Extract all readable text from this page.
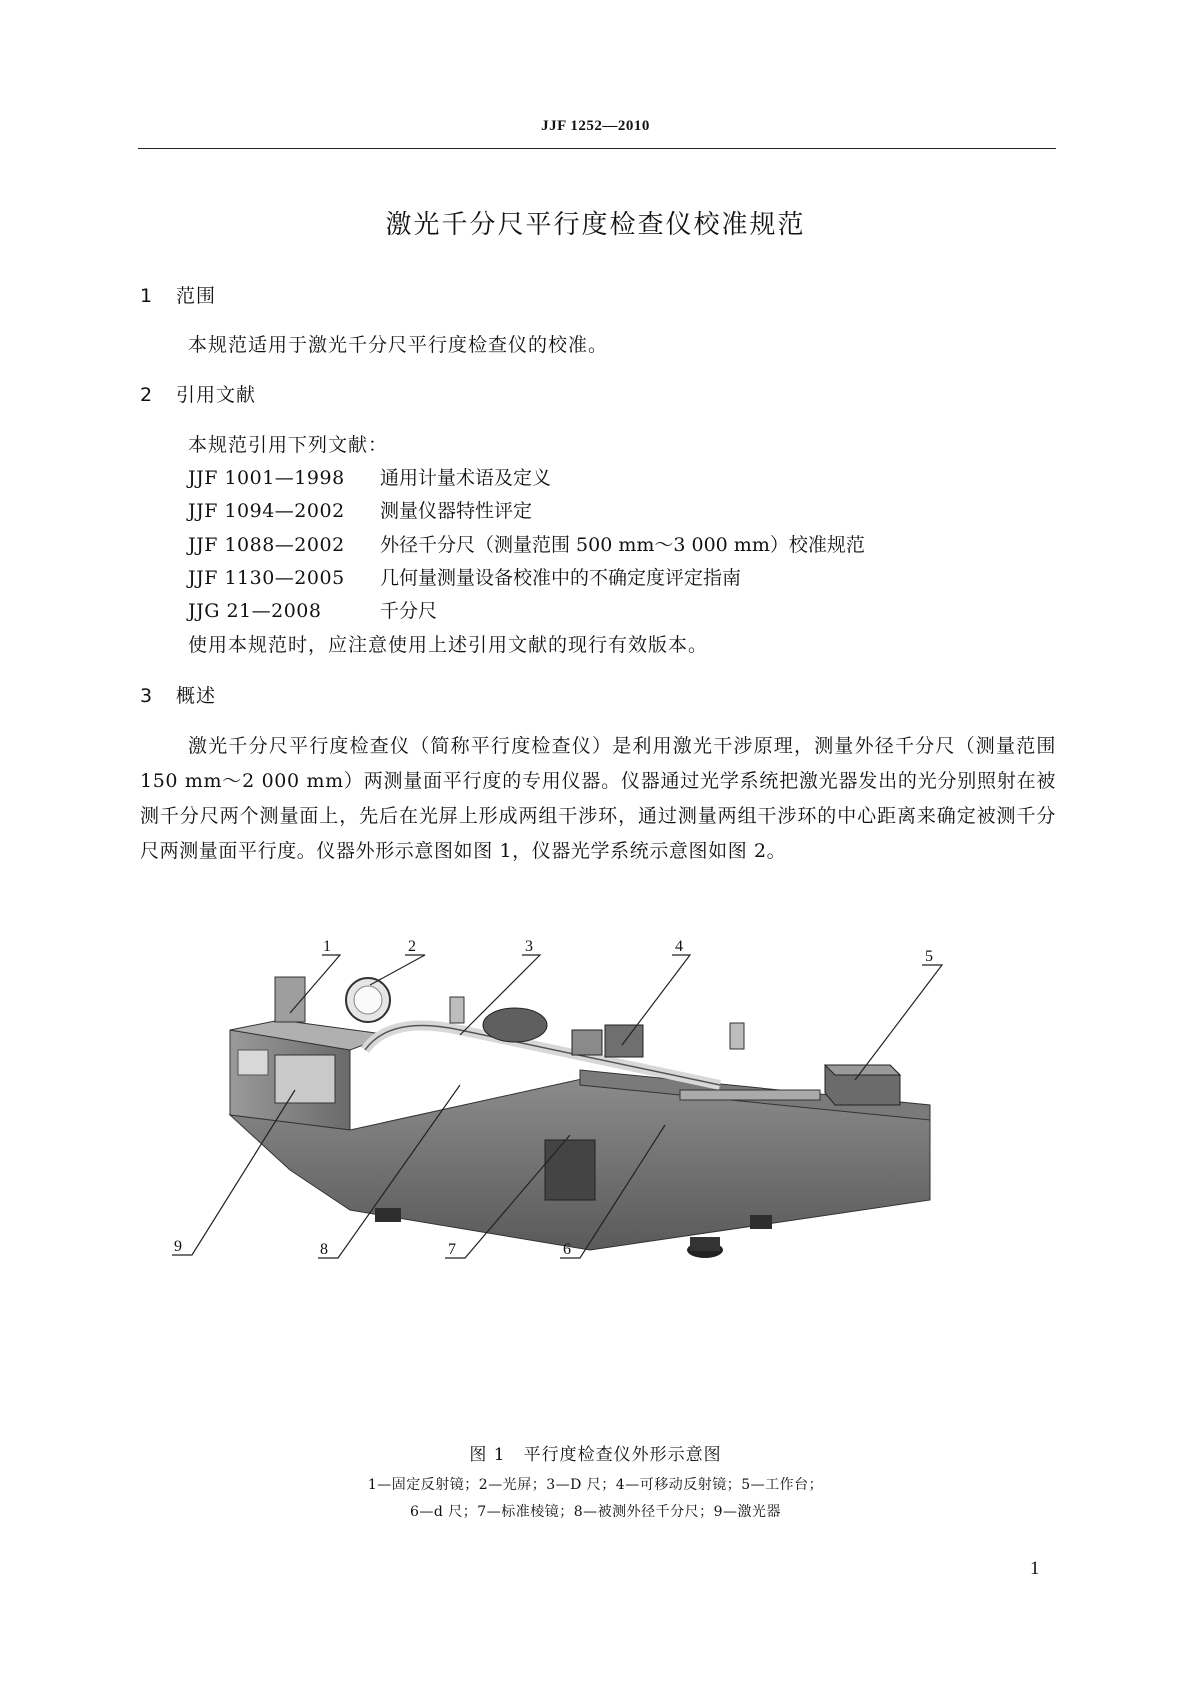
JJF 1252—2010
激光千分尺平行度检查仪校准规范
1 范围
本规范适用于激光千分尺平行度检查仪的校准。
2 引用文献
本规范引用下列文献：
JJF 1001—1998 通用计量术语及定义
JJF 1094—2002 测量仪器特性评定
JJF 1088—2002 外径千分尺（测量范围 500 mm～3 000 mm）校准规范
JJF 1130—2005 几何量测量设备校准中的不确定度评定指南
JJG 21—2008	千分尺
使用本规范时，应注意使用上述引用文献的现行有效版本。
3 概述
激光千分尺平行度检查仪（简称平行度检查仪）是利用激光干涉原理，测量外径千分尺（测量范围 150 mm～2 000 mm）两测量面平行度的专用仪器。仪器通过光学系统把激光器发出的光分别照射在被测千分尺两个测量面上，先后在光屏上形成两组干涉环，通过测量两组干涉环的中心距离来确定被测千分尺两测量面平行度。仪器外形示意图如图 1，仪器光学系统示意图如图 2。
1	2	3	4
5
6
7
8
9
图 1　平行度检查仪外形示意图
1—固定反射镜；2—光屏；3—D 尺；4—可移动反射镜；5—工作台；
6—d 尺；7—标准棱镜；8—被测外径千分尺；9—激光器
1
